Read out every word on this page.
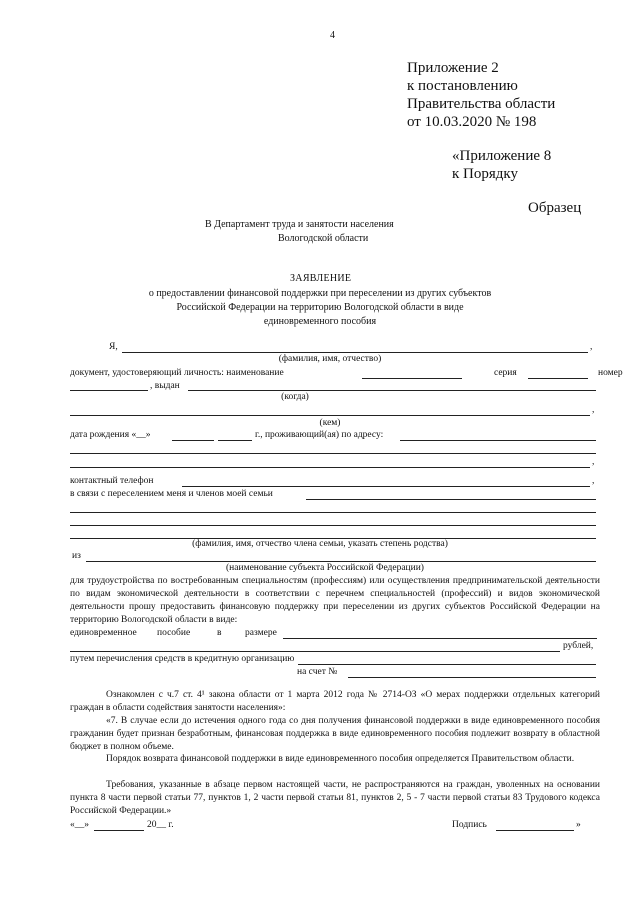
4
Приложение 2
к постановлению
Правительства области
от 10.03.2020 № 198
«Приложение 8
к Порядку
Образец
В Департамент труда и занятости населения
Вологодской области
ЗАЯВЛЕНИЕ
о предоставлении финансовой поддержки при переселении из других субъектов
Российской Федерации на территорию Вологодской области в виде
единовременного пособия
Я,	,
(фамилия, имя, отчество)
документ, удостоверяющий личность: наименование	серия	номер
, выдан
(когда)
,
(кем)
дата рождения «__»	г., проживающий(ая) по адресу:
,
контактный телефон	,
в связи с переселением меня и членов моей семьи
(фамилия, имя, отчество члена семьи, указать степень родства)
из
(наименование субъекта Российской Федерации)
для трудоустройства по востребованным специальностям (профессиям) или осуществления предпринимательской деятельности по видам экономической деятельности в соответствии с перечнем специальностей (профессий) и видов экономической деятельности прошу предоставить финансовую поддержку при переселении из других субъектов Российской Федерации на территорию Вологодской области в виде:
единовременное пособие	в размере
рублей,
путем перечисления средств в кредитную организацию
на счет №
Ознакомлен с ч.7 ст. 4¹ закона области от 1 марта 2012 года № 2714-ОЗ «О мерах поддержки отдельных категорий граждан в области содействия занятости населения»:
«7. В случае если до истечения одного года со дня получения финансовой поддержки в виде единовременного пособия гражданин будет признан безработным, финансовая поддержка в виде единовременного пособия подлежит возврату в областной бюджет в полном объеме.
Порядок возврата финансовой поддержки в виде единовременного пособия определяется Правительством области.
Требования, указанные в абзаце первом настоящей части, не распространяются на граждан, уволенных на основании пункта 8 части первой статьи 77, пунктов 1, 2 части первой статьи 81, пунктов 2, 5 - 7 части первой статьи 83 Трудового кодекса Российской Федерации.»
«__»	20__ г.	Подпись	»
